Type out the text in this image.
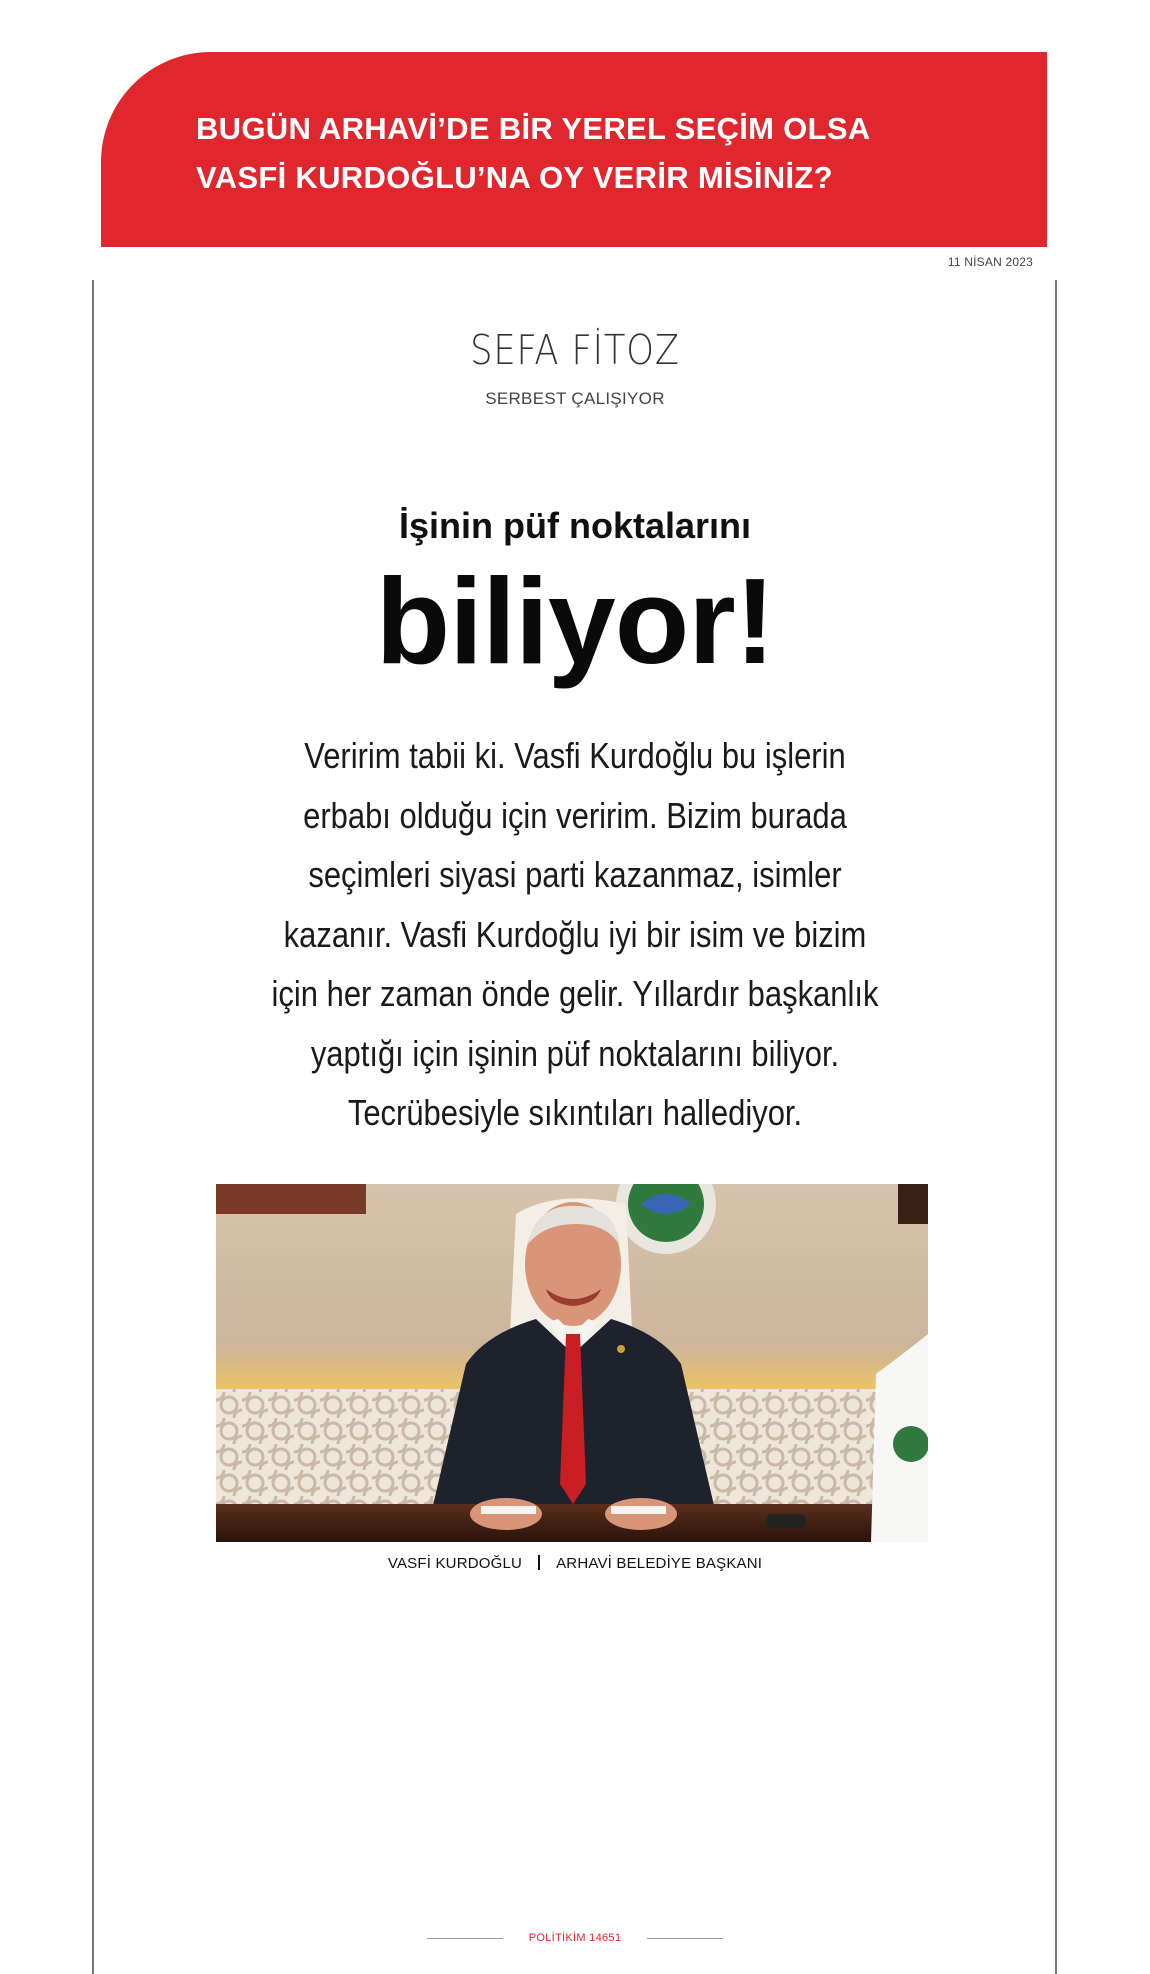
BUGÜN ARHAVİ’DE BİR YEREL SEÇİM OLSA
VASFİ KURDOĞLU’NA OY VERİR MİSİNİZ?
11 NİSAN 2023
SEFA FİTOZ
SERBEST ÇALIŞIYOR
İşinin püf noktalarını
biliyor!

Veririm tabii ki. Vasfi Kurdoğlu bu işlerin erbabı olduğu için veririm. Bizim burada seçimleri siyasi parti kazanmaz, isimler kazanır. Vasfi Kurdoğlu iyi bir isim ve bizim için her zaman önde gelir. Yıllardır başkanlık yaptığı için işinin püf noktalarını biliyor. Tecrübesiyle sıkıntıları hallediyor.

VASFİ KURDOĞLU ARHAVİ BELEDİYE BAŞKANI
POLİTİKİM 14651
